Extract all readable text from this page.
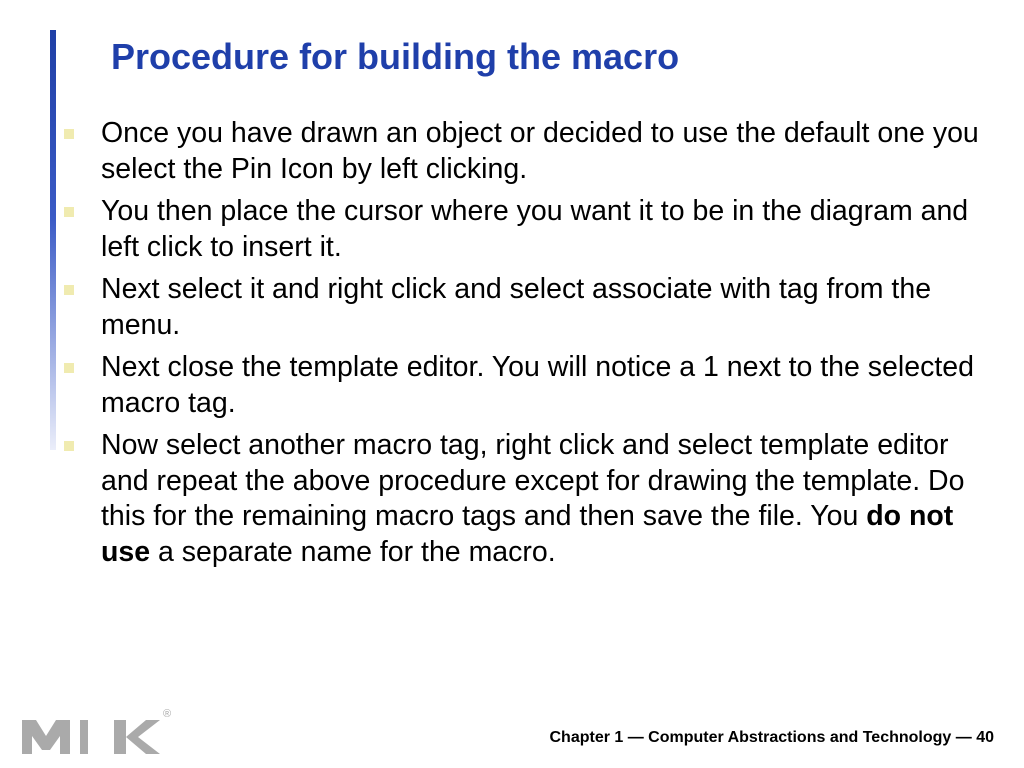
Procedure for building the macro
Once you have drawn an object or decided to use the default one you select the Pin Icon by left clicking.
You then place the cursor where you want it to be in the diagram and left click to insert it.
Next select it and right click and select associate with tag from the menu.
Next close the template editor. You will notice a 1 next to the selected macro tag.
Now select another macro tag, right click and select template editor and repeat the above procedure except for drawing the template. Do this for the remaining macro tags and then save the file. You do not use a separate name for the macro.
®

Chapter 1 — Computer Abstractions and Technology — 40
